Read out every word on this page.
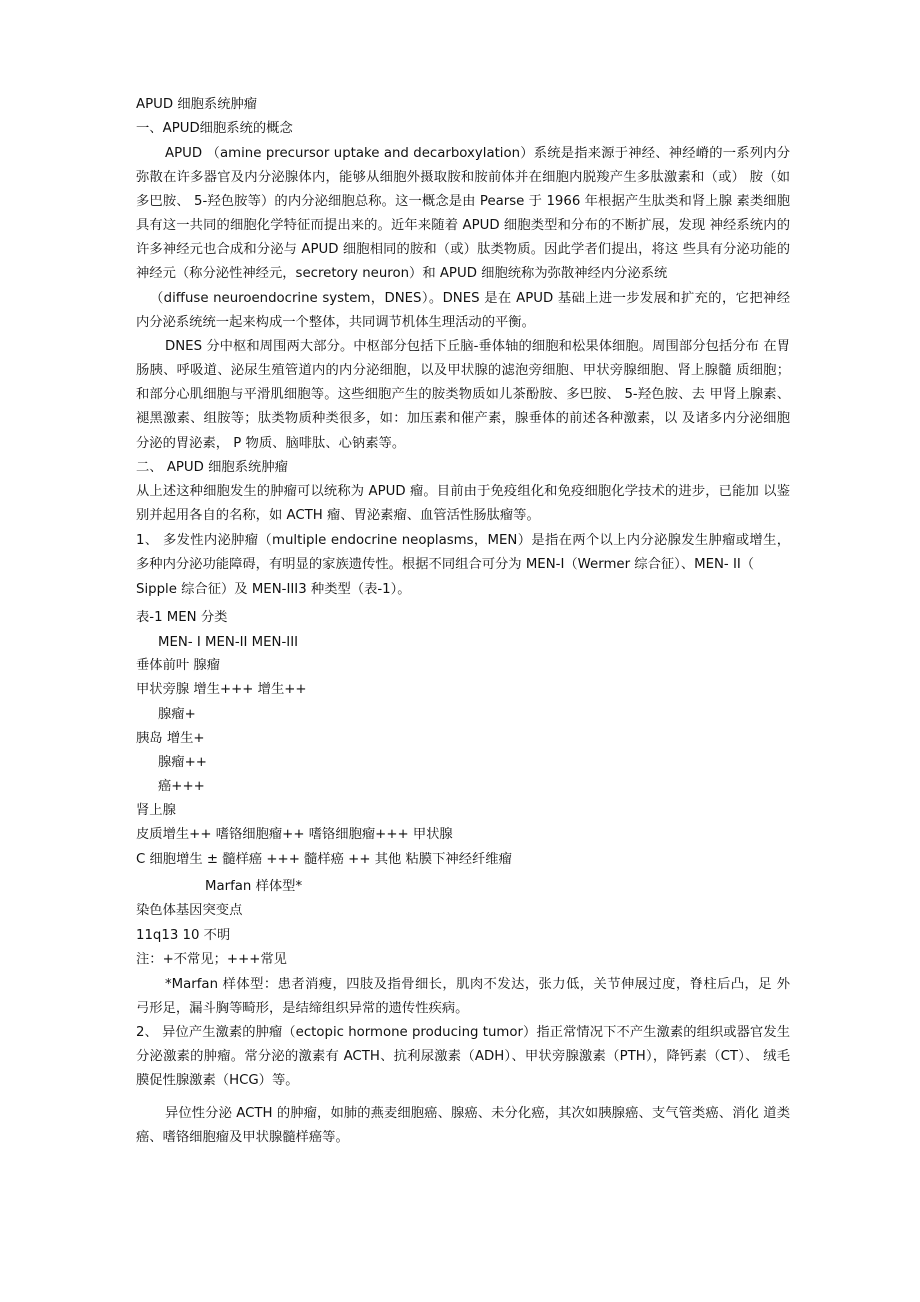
APUD 细胞系统肿瘤
一、APUD细胞系统的概念
APUD （amine precursor uptake and decarboxylation）系统是指来源于神经、神经嵴的一系列内分
弥散在许多器官及内分泌腺体内，能够从细胞外摄取胺和胺前体并在细胞内脱羧产生多肽激素和（或） 胺（如
多巴胺、 5-羟色胺等）的内分泌细胞总称。这一概念是由 Pearse 于 1966 年根据产生肽类和肾上腺 素类细胞
具有这一共同的细胞化学特征而提出来的。近年来随着 APUD 细胞类型和分布的不断扩展，发现 神经系统内的
许多神经元也合成和分泌与 APUD 细胞相同的胺和（或）肽类物质。因此学者们提出，将这 些具有分泌功能的
神经元（称分泌性神经元，secretory neuron）和 APUD 细胞统称为弥散神经内分泌系统
（diffuse neuroendocrine system，DNES）。DNES 是在 APUD 基础上进一步发展和扩充的，它把神经
内分泌系统统一起来构成一个整体，共同调节机体生理活动的平衡。
DNES 分中枢和周围两大部分。中枢部分包括下丘脑-垂体轴的细胞和松果体细胞。周围部分包括分布 在胃
肠胰、呼吸道、泌尿生殖管道内的内分泌细胞，以及甲状腺的滤泡旁细胞、甲状旁腺细胞、肾上腺髓 质细胞；
和部分心肌细胞与平滑肌细胞等。这些细胞产生的胺类物质如儿茶酚胺、多巴胺、 5-羟色胺、去 甲肾上腺素、
褪黑激素、组胺等；肽类物质种类很多，如：加压素和催产素，腺垂体的前述各种激素，以 及诸多内分泌细胞
分泌的胃泌素， P 物质、脑啡肽、心钠素等。
二、 APUD 细胞系统肿瘤
从上述这种细胞发生的肿瘤可以统称为 APUD 瘤。目前由于免疫组化和免疫细胞化学技术的进步，已能加 以鉴
别并起用各自的名称，如 ACTH 瘤、胃泌素瘤、血管活性肠肽瘤等。
1、 多发性内泌肿瘤（multiple endocrine neoplasms，MEN）是指在两个以上内分泌腺发生肿瘤或增生，
多种内分泌功能障碍，有明显的家族遗传性。根据不同组合可分为 MEN-I（Wermer 综合征）、MEN- II（
Sipple 综合征）及 MEN-III3 种类型（表-1）。
表-1 MEN 分类
MEN- I MEN-II MEN-III
垂体前叶 腺瘤
甲状旁腺 增生+++ 增生++
腺瘤+
胰岛 增生+
腺瘤++
癌+++
肾上腺
皮质增生++ 嗜铬细胞瘤++ 嗜铬细胞瘤+++ 甲状腺
C 细胞增生 ± 髓样癌 +++ 髓样癌 ++ 其他 粘膜下神经纤维瘤
Marfan 样体型*
染色体基因突变点
11q13 10 不明
注：+不常见；+++常见
*Marfan 样体型：患者消瘦，四肢及指骨细长，肌肉不发达，张力低，关节伸展过度，脊柱后凸，足 外
弓形足，漏斗胸等畸形，是结缔组织异常的遗传性疾病。
2、 异位产生激素的肿瘤（ectopic hormone producing tumor）指正常情况下不产生激素的组织或器官发生
分泌激素的肿瘤。常分泌的激素有 ACTH、抗利尿激素（ADH）、甲状旁腺激素（PTH），降钙素（CT）、 绒毛
膜促性腺激素（HCG）等。
异位性分泌 ACTH 的肿瘤，如肺的燕麦细胞癌、腺癌、未分化癌，其次如胰腺癌、支气管类癌、消化 道类
癌、嗜铬细胞瘤及甲状腺髓样癌等。
